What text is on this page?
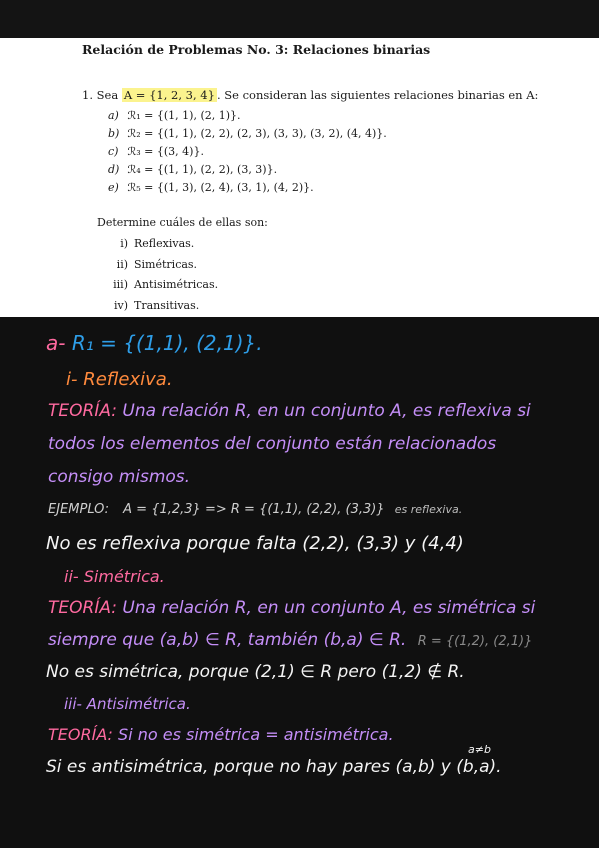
Relación de Problemas No. 3: Relaciones binarias
1. Sea A = {1, 2, 3, 4} . Se consideran las siguientes relaciones binarias en A:
a) ℛ₁ = {(1, 1), (2, 1)}.
b) ℛ₂ = {(1, 1), (2, 2), (2, 3), (3, 3), (3, 2), (4, 4)}.
c) ℛ₃ = {(3, 4)}.
d) ℛ₄ = {(1, 1), (2, 2), (3, 3)}.
e) ℛ₅ = {(1, 3), (2, 4), (3, 1), (4, 2)}.
Determine cuáles de ellas son:
i) Reflexivas.
ii) Simétricas.
iii) Antisimétricas.
iv) Transitivas.
a- R₁ = {(1,1), (2,1)}.
i- Reflexiva.
TEORÍA: Una relación R, en un conjunto A, es reflexiva si
todos los elementos del conjunto están relacionados
consigo mismos.
EJEMPLO: A = {1,2,3} => R = {(1,1), (2,2), (3,3)} es reflexiva.
No es reflexiva porque falta (2,2), (3,3) y (4,4)
ii- Simétrica.
TEORÍA: Una relación R, en un conjunto A, es simétrica si
siempre que (a,b) ∈ R, también (b,a) ∈ R. R = {(1,2), (2,1)}
No es simétrica, porque (2,1) ∈ R pero (1,2) ∉ R.
iii- Antisimétrica.
TEORÍA: Si no es simétrica = antisimétrica.
a≠b
Si es antisimétrica, porque no hay pares (a,b) y (b,a).
